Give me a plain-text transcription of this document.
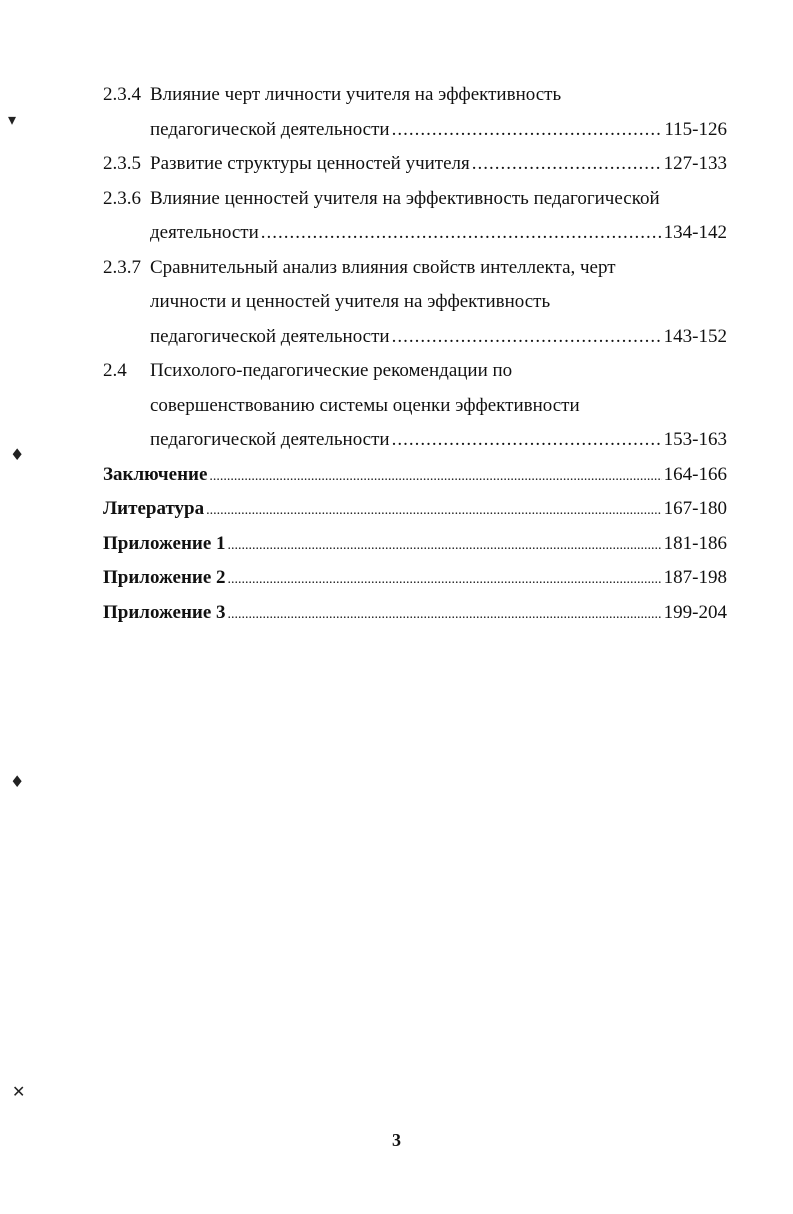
2.3.4 Влияние черт личности учителя на эффективность
педагогической деятельности .....	115-126
2.3.5 Развитие структуры ценностей учителя .....	127-133
2.3.6 Влияние ценностей учителя на эффективность педагогической
деятельности .....	134-142
2.3.7 Сравнительный анализ влияния свойств интеллекта, черт
личности и ценностей учителя на эффективность
педагогической деятельности .....	143-152
2.4	Психолого-педагогические рекомендации по
совершенствованию системы оценки эффективности
педагогической деятельности .....	153-163
Заключение .....	164-166
Литература .....	167-180
Приложение 1 .....	181-186
Приложение 2 .....	187-198
Приложение 3 .....	199-204
▾
♦
♦
✕
3
